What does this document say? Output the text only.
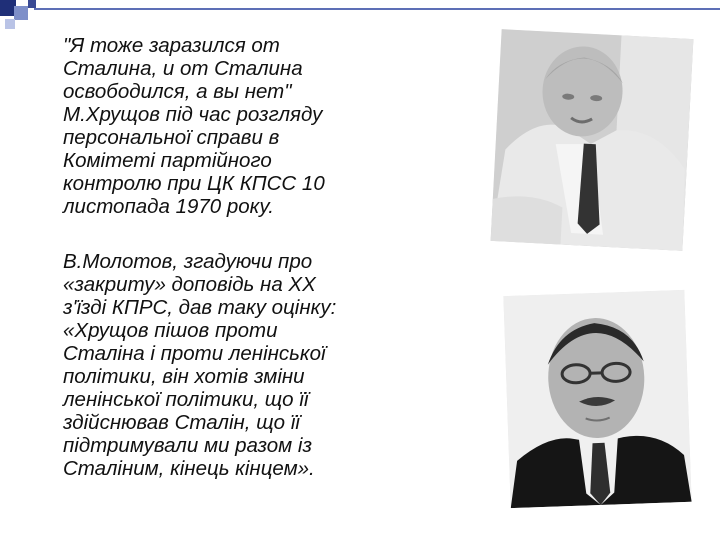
"Я тоже заразился от
Сталина, и от Сталина
освободился, а вы нет"
М.Хрущов під час розгляду
персональної справи в
Комітеті партійного
контролю при ЦК КПСС 10
листопада 1970 року.

В.Молотов, згадуючи про
«закриту» доповідь на XX
з'їзді КПРС, дав таку оцінку:
«Хрущов пішов проти
Сталіна і проти ленінської
політики, він хотів зміни
ленінської політики, що її
здійснював Сталін, що її
підтримували ми разом із
Сталіним, кінець кінцем».
